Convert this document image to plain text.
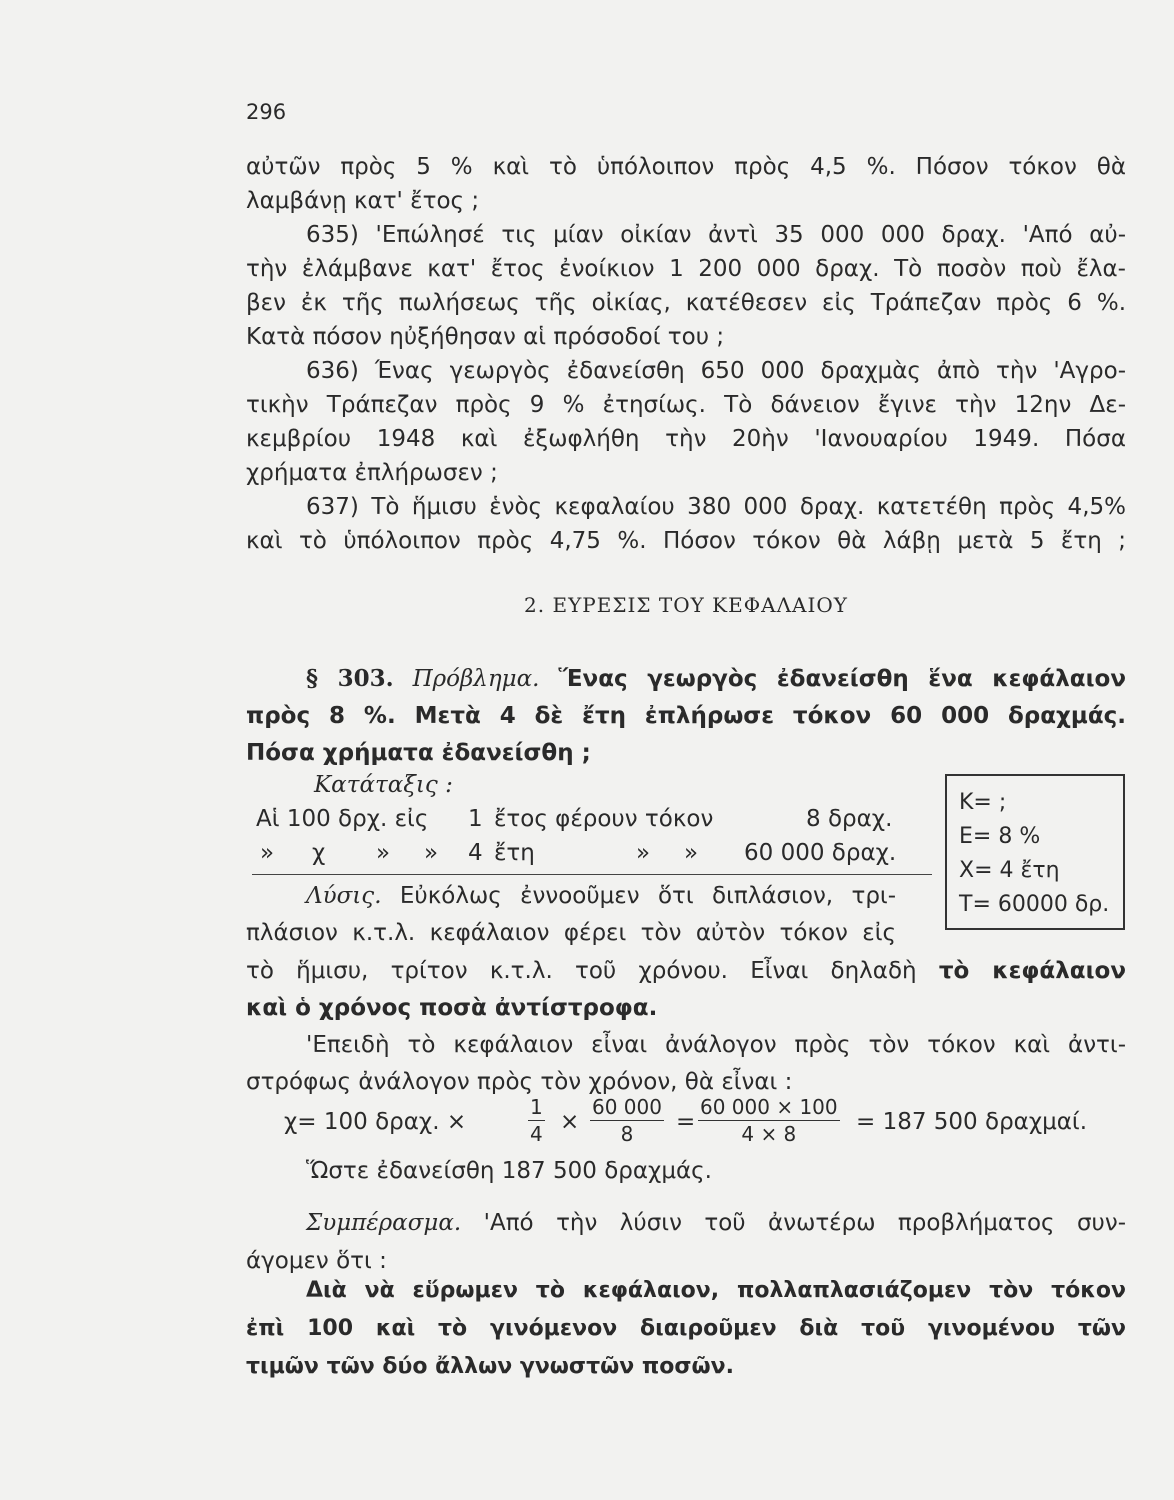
296
αὐτῶν πρὸς 5 % καὶ τὸ ὑπόλοιπον πρὸς 4,5 %. Πόσον τόκον θὰ
λαμβάνῃ κατ' ἔτος ;
635) 'Επώλησέ τις μίαν οἰκίαν ἀντὶ 35 000 000 δραχ. 'Από αὐ-
τὴν ἐλάμβανε κατ' ἔτος ἐνοίκιον 1 200 000 δραχ. Τὸ ποσὸν ποὺ ἔλα-
βεν ἐκ τῆς πωλήσεως τῆς οἰκίας, κατέθεσεν εἰς Τράπεζαν πρὸς 6 %.
Κατὰ πόσον ηὐξήθησαν αἱ πρόσοδοί του ;
636) Ένας γεωργὸς ἐδανείσθη 650 000 δραχμὰς ἀπὸ τὴν 'Αγρο-
τικὴν Τράπεζαν πρὸς 9 % ἐτησίως. Τὸ δάνειον ἔγινε τὴν 12ην Δε-
κεμβρίου 1948 καὶ ἐξωφλήθη τὴν 20ὴν 'Ιανουαρίου 1949. Πόσα
χρήματα ἐπλήρωσεν ;
637) Τὸ ἥμισυ ἑνὸς κεφαλαίου 380 000 δραχ. κατετέθη πρὸς 4,5%
καὶ τὸ ὑπόλοιπον πρὸς 4,75 %. Πόσον τόκον θὰ λάβῃ μετὰ 5 ἔτη ;
2. ΕΥΡΕΣΙΣ ΤΟΥ ΚΕΦΑΛΑΙΟΥ
§ 303. Πρόβλημα. Ἕνας γεωργὸς ἐδανείσθη ἕνα κεφάλαιον
πρὸς 8 %. Μετὰ 4 δὲ ἔτη ἐπλήρωσε τόκον 60 000 δραχμάς.
Πόσα χρήματα ἐδανείσθη ;
Κατάταξις :
Αἱ 100 δρχ. εἰς 1 ἔτος φέρουν τόκον	8 δραχ.
» χ » » 4 ἔτη	» » 60 000 δραχ.
K= ;
E= 8 %
X= 4 ἔτη
T= 60000 δρ.
Λύσις. Εὐκόλως ἐννοοῦμεν ὅτι διπλάσιον, τρι-
πλάσιον κ.τ.λ. κεφάλαιον φέρει τὸν αὐτὸν τόκον εἰς
τὸ ἥμισυ, τρίτον κ.τ.λ. τοῦ χρόνου. Εἶναι δηλαδὴ τὸ κεφάλαιον
καὶ ὁ χρόνος ποσὰ ἀντίστροφα.
'Επειδὴ τὸ κεφάλαιον εἶναι ἀνάλογον πρὸς τὸν τόκον καὶ ἀντι-
στρόφως ἀνάλογον πρὸς τὸν χρόνον, θὰ εἶναι :
χ= 100 δραχ. ×	$\frac{1}{4} \times \frac{60 000}{8} = \frac{60 000 \times 100}{4 \times 8} = 187$ 500 δραχμαί.
Ὥστε ἐδανείσθη 187 500 δραχμάς.
Συμπέρασμα. 'Από τὴν λύσιν τοῦ ἀνωτέρω προβλήματος συν-
άγομεν ὅτι :
Διὰ νὰ εὕρωμεν τὸ κεφάλαιον, πολλαπλασιάζομεν τὸν τόκον
ἐπὶ 100 καὶ τὸ γινόμενον διαιροῦμεν διὰ τοῦ γινομένου τῶν
τιμῶν τῶν δύο ἄλλων γνωστῶν ποσῶν.
